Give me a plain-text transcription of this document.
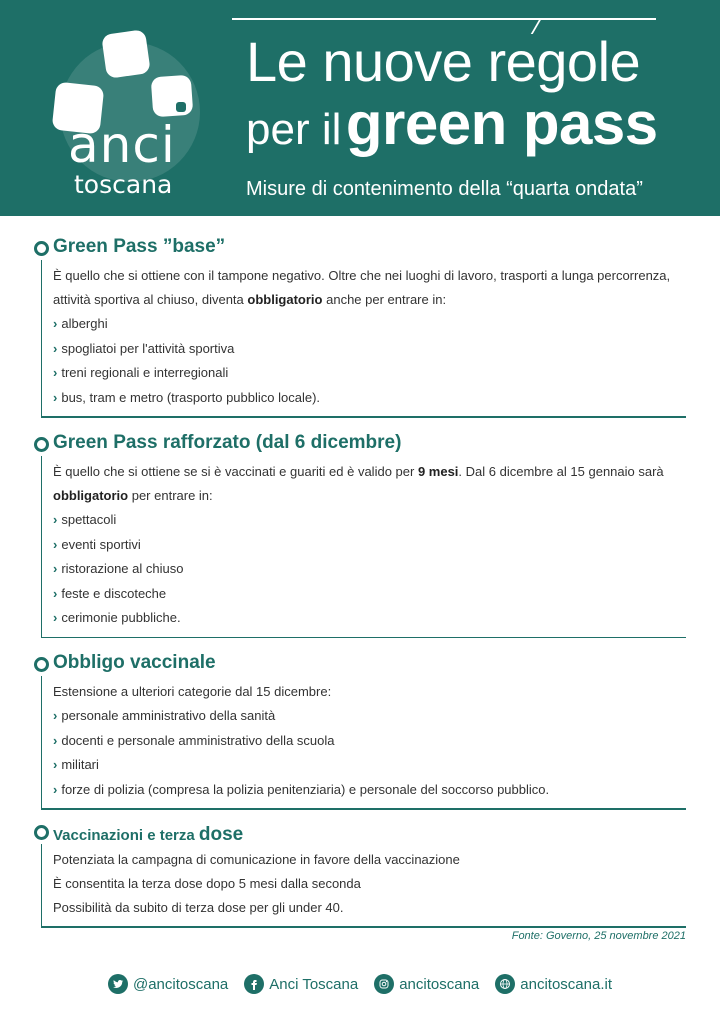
anci
toscana
Le nuove regole
per il green pass
Misure di contenimento della “quarta ondata”
Green Pass ”base”
È quello che si ottiene con il tampone negativo. Oltre che nei luoghi di lavoro, trasporti a lunga percorrenza,
attività sportiva al chiuso, diventa obbligatorio anche per entrare in:
› alberghi
› spogliatoi per l'attività sportiva
› treni regionali e interregionali
› bus, tram e metro (trasporto pubblico locale).
Green Pass rafforzato (dal 6 dicembre)
È quello che si ottiene se si è vaccinati e guariti ed è valido per 9 mesi. Dal 6 dicembre al 15 gennaio sarà
obbligatorio per entrare in:
› spettacoli
› eventi sportivi
› ristorazione al chiuso
› feste e discoteche
› cerimonie pubbliche.
Obbligo vaccinale
Estensione a ulteriori categorie dal 15 dicembre:
› personale amministrativo della sanità
› docenti e personale amministrativo della scuola
› militari
› forze di polizia (compresa la polizia penitenziaria) e personale del soccorso pubblico.
Vaccinazioni e terza dose
Potenziata la campagna di comunicazione in favore della vaccinazione
È consentita la terza dose dopo 5 mesi dalla seconda
Possibilità da subito di terza dose per gli under 40.
Fonte: Governo, 25 novembre 2021
@ancitoscana	Anci Toscana	ancitoscana	ancitoscana.it
